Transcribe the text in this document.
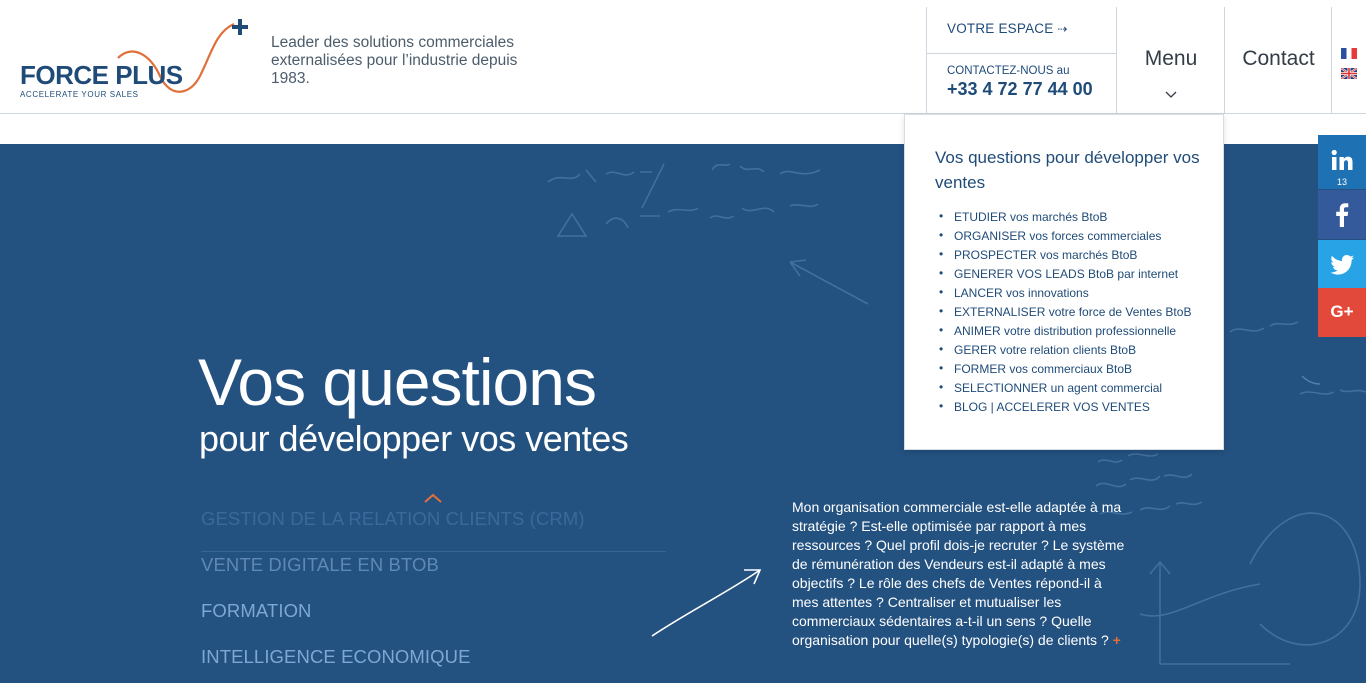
FORCE PLUS
ACCELERATE YOUR SALES
Leader des solutions commerciales externalisées pour l’industrie depuis 1983.
VOTRE ESPACE ⇢
CONTACTEZ-NOUS au
+33 4 72 77 44 00
Menu	Contact
Vos questions
pour développer vos ventes
GESTION DE LA RELATION CLIENTS (CRM)
VENTE DIGITALE EN BTOB
FORMATION
INTELLIGENCE ECONOMIQUE
Mon organisation commerciale est-elle adaptée à ma stratégie ? Est-elle optimisée par rapport à mes ressources ? Quel profil dois-je recruter ? Le système de rémunération des Vendeurs est-il adapté à mes objectifs ? Le rôle des chefs de Ventes répond-il à mes attentes ? Centraliser et mutualiser les commerciaux sédentaires a-t-il un sens ? Quelle organisation pour quelle(s) typologie(s) de clients ? +
Vos questions pour développer vos ventes
• ETUDIER vos marchés BtoB
• ORGANISER vos forces commerciales
• PROSPECTER vos marchés BtoB
• GENERER VOS LEADS BtoB par internet
• LANCER vos innovations
• EXTERNALISER votre force de Ventes BtoB
• ANIMER votre distribution professionnelle
• GERER votre relation clients BtoB
• FORMER vos commerciaux BtoB
• SELECTIONNER un agent commercial
• BLOG | ACCELERER VOS VENTES
13
G+
